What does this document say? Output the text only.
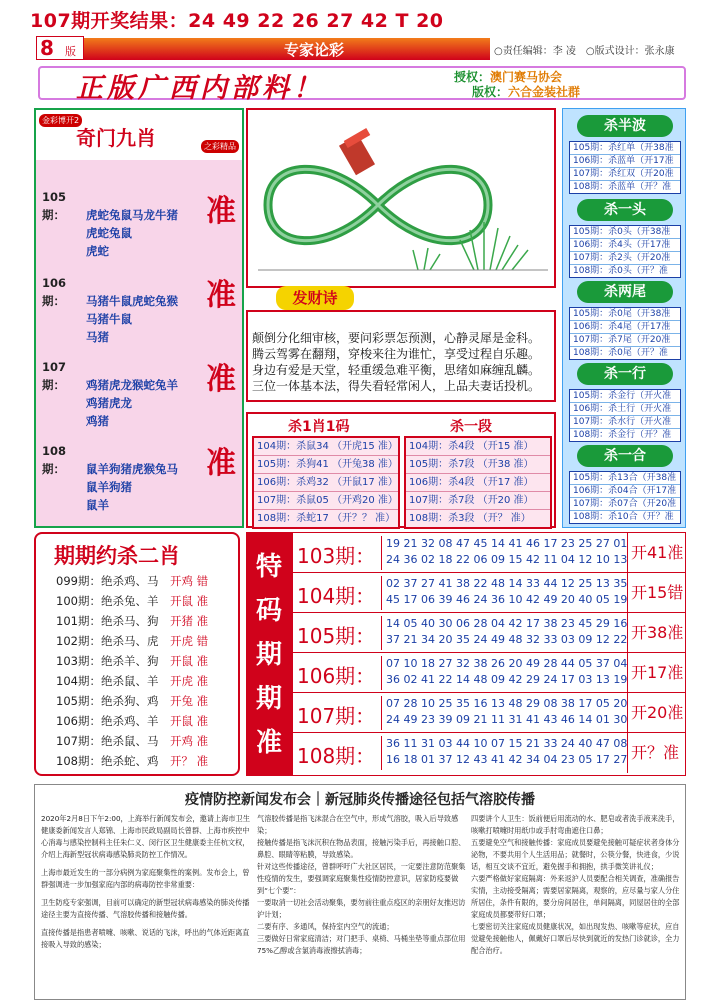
107期开奖结果：24 49 22 26 27 42 T 20
8 版	专家论彩	○责任编辑：李 凌　○版式设计：张永康
正版广西内部料！	授权：澳门赛马协会
版权：六合金装社群
金彩博开2
奇门九肖	之彩精品
105期： 虎蛇兔鼠马龙牛猪
虎蛇兔鼠
虎蛇
准
106期： 马猪牛鼠虎蛇兔猴
马猪牛鼠
马猪
准
107期： 鸡猪虎龙猴蛇兔羊
鸡猪虎龙
鸡猪
准
108期： 鼠羊狗猪虎猴兔马
鼠羊狗猪
鼠羊
准
发财诗
颠倒分化细审核，要问彩票怎预测，心静灵犀是金科。
腾云驾雾在翻翔，穿梭来往为谁忙，享受过程自乐趣。
身边有爱是天堂，轻重缓急难平衡，思绪如麻缠乱麟。
三位一体基本法，得失看轻常闲人，上品夫妻话投机。
杀1肖1码
104期：杀鼠34 （开虎15 准）
105期：杀狗41 （开兔38 准）
106期：杀鸡32 （开鼠17 准）
107期：杀鼠05 （开鸡20 准）
108期：杀蛇17 （开？？ 准）
杀一段
104期：杀4段 （开15 准）
105期：杀7段 （开38 准）
106期：杀4段 （开17 准）
107期：杀7段 （开20 准）
108期：杀3段 （开？ 准）
杀半波
105期：杀红单（开38准
106期：杀蓝单（开17准
107期：杀红双（开20准
108期：杀蓝单（开？准
杀一头
105期：杀0头（开38准
106期：杀4头（开17准
107期：杀2头（开20准
108期：杀0头（开？准
杀两尾
105期：杀0尾（开38准
106期：杀4尾（开17准
107期：杀7尾（开20准
108期：杀0尾（开？准
杀一行
105期：杀金行（开火准
106期：杀土行（开火准
107期：杀水行（开火准
108期：杀金行（开？准
杀一合
105期：杀13合（开38准
106期：杀04合（开17准
107期：杀07合（开20准
108期：杀10合（开？准
期期约杀二肖
099期：绝杀鸡、马　 开鸡 错
100期：绝杀兔、羊　 开鼠 准
101期：绝杀马、狗　 开猪 准
102期：绝杀马、虎　 开虎 错
103期：绝杀羊、狗　 开鼠 准
104期：绝杀鼠、羊　 开虎 准
105期：绝杀狗、鸡　 开兔 准
106期：绝杀鸡、羊　 开鼠 准
107期：绝杀鼠、马　 开鸡 准
108期：绝杀蛇、鸡　 开？ 准
特
码
期
期
准
103期：
19 21 32 08 47 45 14 41 46 17 23 25 27 01
24 36 02 18 22 06 09 15 42 11 04 12 10 13 开41准
104期：
02 37 27 41 38 22 48 14 33 44 12 25 13 35
45 17 06 39 46 24 36 10 42 49 20 40 05 19 开15错
105期：
14 05 40 30 06 28 04 42 17 38 23 45 29 16
37 21 34 20 35 24 49 48 32 33 03 09 12 22 开38准
106期：
07 10 18 27 32 38 26 20 49 28 44 05 37 04
36 02 41 22 14 48 09 42 29 24 17 03 13 19 开17准
107期：
07 28 10 25 35 16 13 48 29 08 38 17 05 20
24 49 23 39 09 21 11 31 41 43 46 14 01 30 开20准
108期：
36 11 31 03 44 10 07 15 21 33 24 40 47 08
16 18 01 37 12 43 41 42 34 04 23 05 17 27 开？准
疫情防控新闻发布会｜新冠肺炎传播途径包括气溶胶传播

2020年2月8日下午2:00，上海举行新闻发布会，邀请上海市卫生健康委新闻发言人郑锦、上海市民政局副局长曾群、上海市疾控中心消毒与感染控制科主任朱仁义、闵行区卫生健康委主任杭文权，介绍上海新型冠状病毒感染肺炎防控工作情况。

上海市最近发生的一部分病例为家庭聚集性的案例。发布会上，曾群强调进一步加强家庭内部的病毒防控非常重要：

卫生防疫专家强调，目前可以确定的新型冠状病毒感染的肺炎传播途径主要为直接传播、气溶胶传播和接触传播。

直接传播是指患者喷嚏、咳嗽、说话的飞沫，呼出的气体近距离直接吸入导致的感染；

气溶胶传播是指飞沫混合在空气中，形成气溶胶，吸入后导致感染；

接触传播是指飞沫沉积在物品表面，接触污染手后，再接触口腔、鼻腔、眼睛等粘膜，导致感染。

针对这些传播途径，曾群呼吁广大社区居民，一定要注意防范聚集性疫情的发生，要强调家庭聚集性疫情防控意识，居家防疫要做到“七个要”：

一要取消一切社会活动聚集，要勿前往重点疫区的亲朋好友推迟访沪计划；

二要有序、多通风，保持室内空气的流通；

三要做好日常家庭清洁；对门把手、桌椅、马桶坐垫等重点部位用75%乙醇或含氯消毒液擦拭消毒；

四要讲个人卫生：饭前便后用流动的水、肥皂或者洗手液来洗手，咳嗽打喷嚏时用纸巾或手肘弯曲遮住口鼻；

五要避免空气和接触传播：家庭成员要避免接触可疑症状者身体分泌物，不要共用个人生活用品；就餐时，公筷分餐，快进食，少说话，相互交谈不宜近，避免握手和拥抱，拱手微笑讲礼仪；

六要严格做好家庭隔离：外来返沪人员要配合相关调查，准确报告实情，主动接受隔离；需要居家隔离，观察的，应尽量与家人分住所居住，条件有限的，要分房间居住，单间隔离，同屋居住的全部家庭成员都要带好口罩；

七要密切关注家庭成员健康状况，如出现发热、咳嗽等症状，应自觉避免接触他人，佩戴好口罩后尽快到就近的发热门诊就诊，全力配合治疗。
